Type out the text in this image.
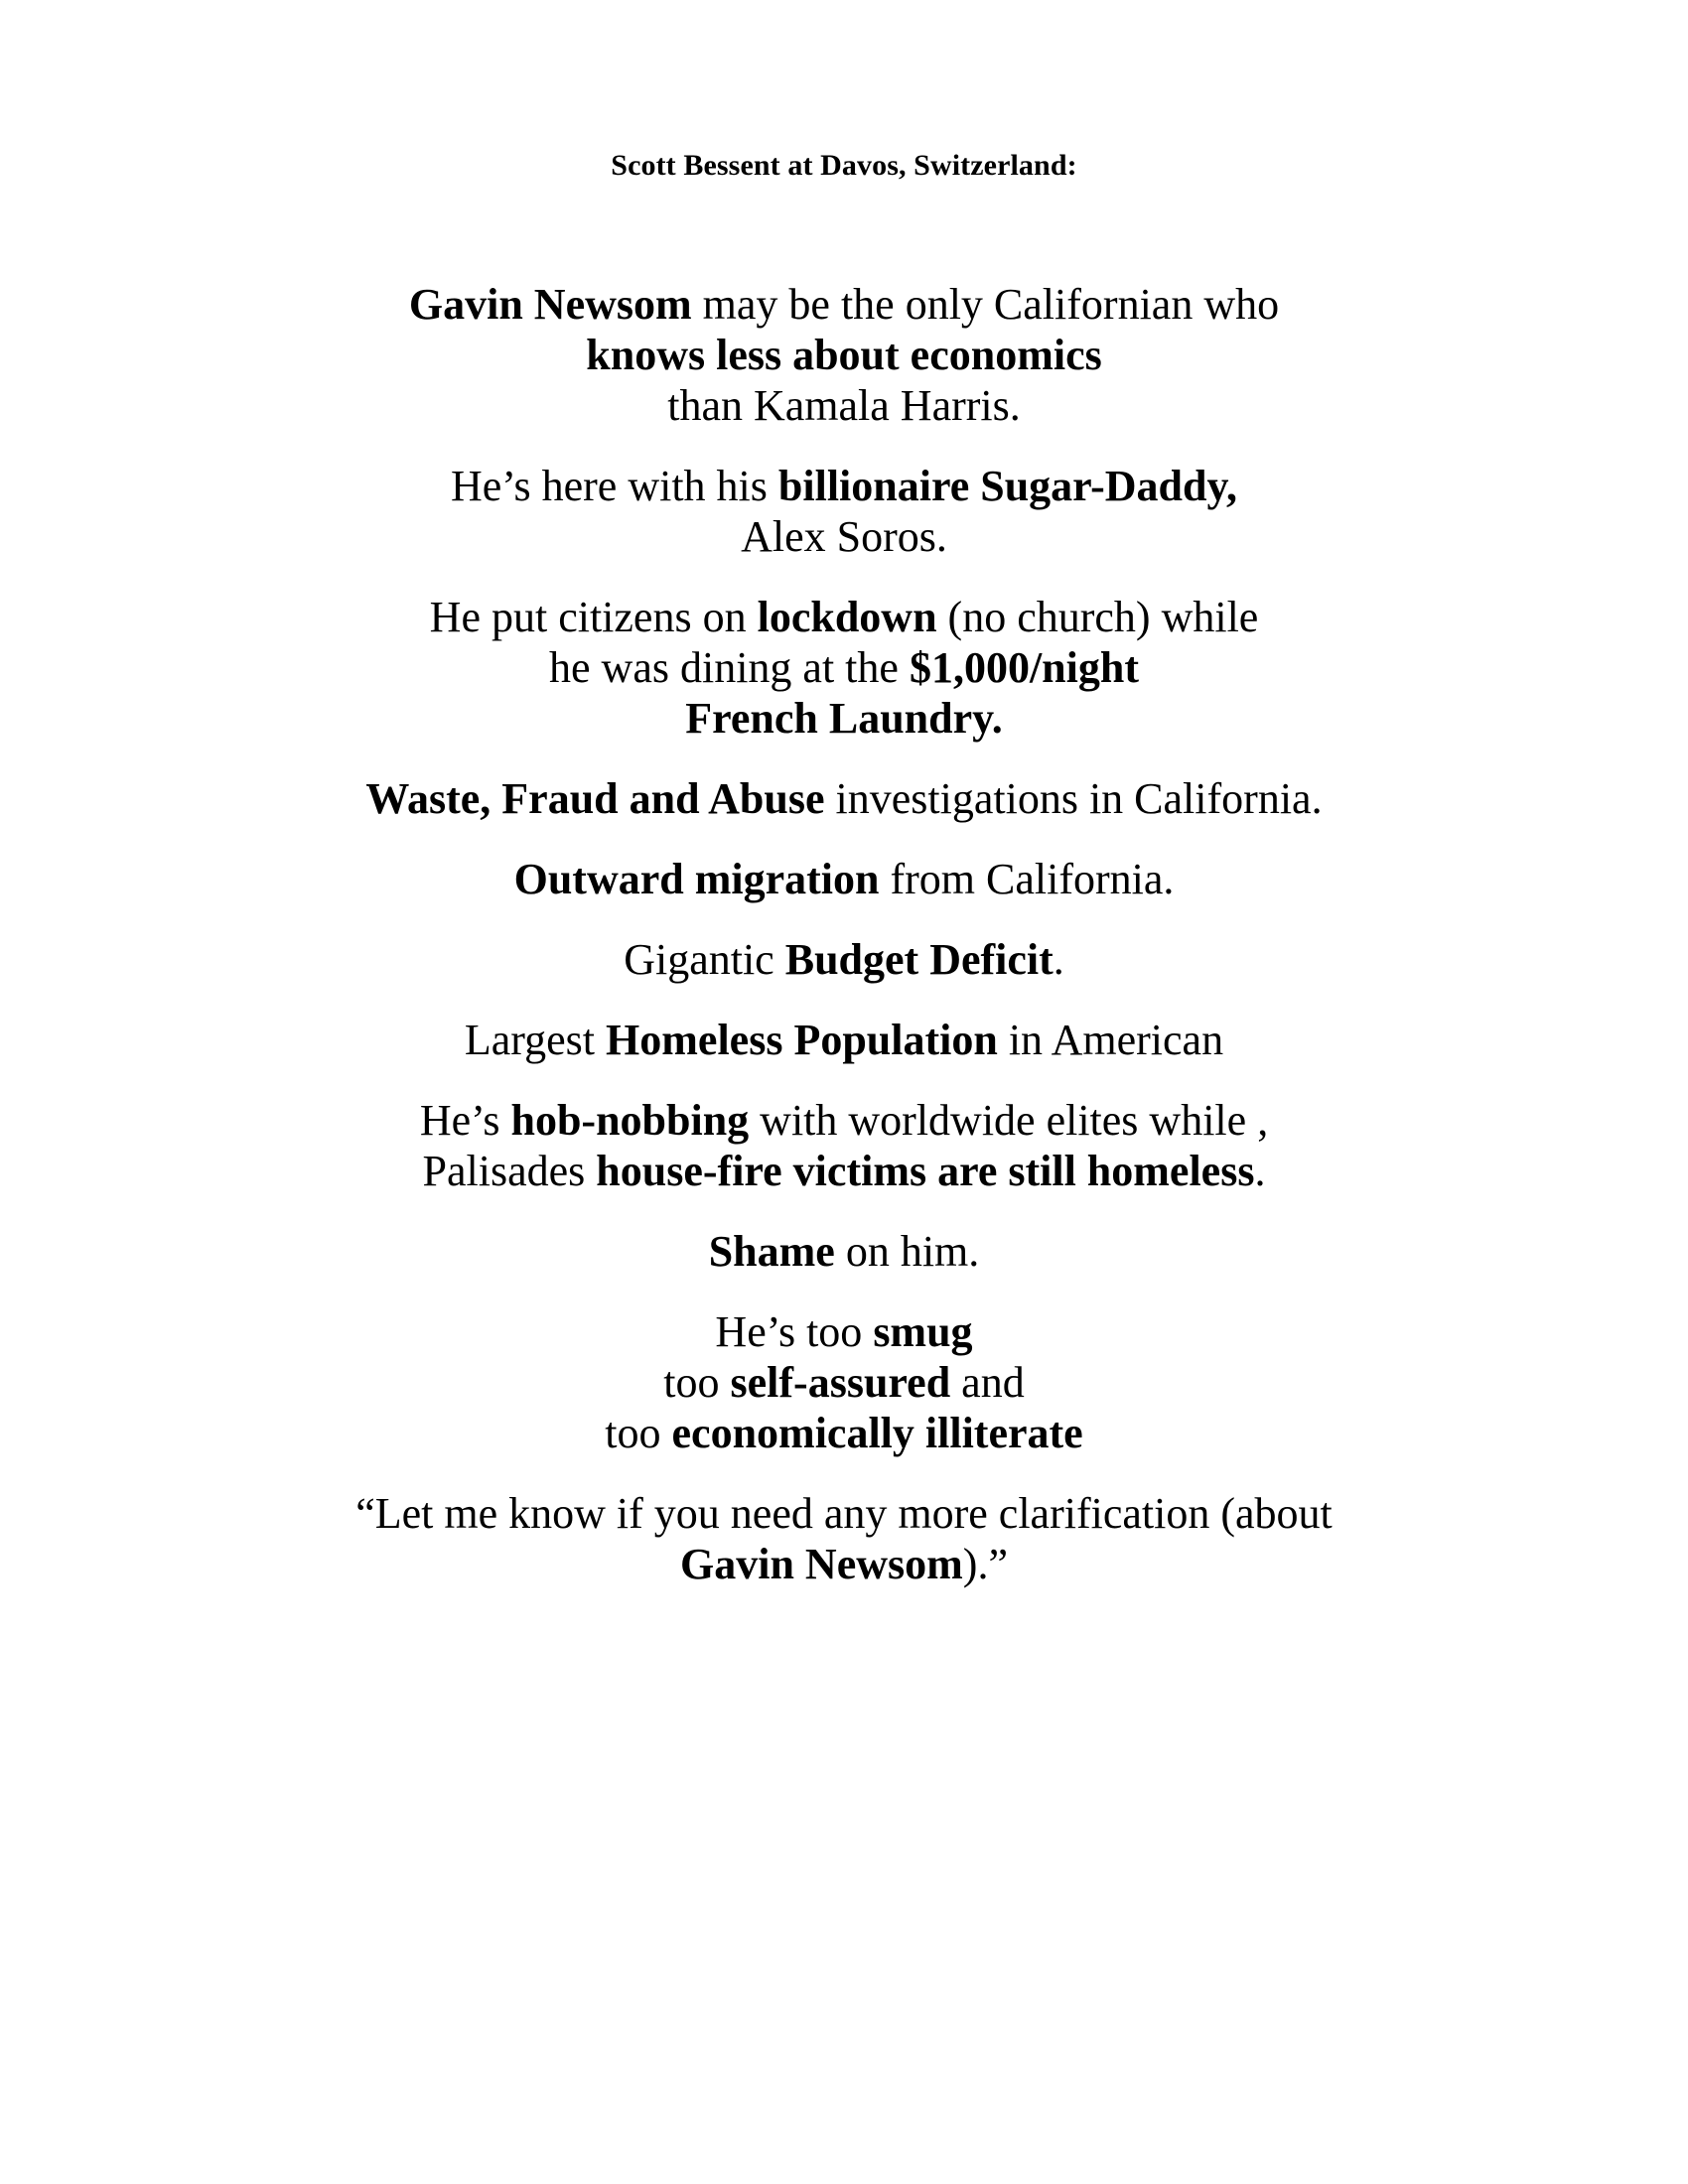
Scott Bessent at Davos, Switzerland:

Gavin Newsom may be the only Californian who
knows less about economics
than Kamala Harris.

He’s here with his billionaire Sugar-Daddy,
Alex Soros.

He put citizens on lockdown (no church) while
he was dining at the $1,000/night
French Laundry.

Waste, Fraud and Abuse investigations in California.

Outward migration from California.

Gigantic Budget Deficit.

Largest Homeless Population in American

He’s hob-nobbing with worldwide elites while ,
Palisades house-fire victims are still homeless.

Shame on him.

He’s too smug
too self-assured and
too economically illiterate

“Let me know if you need any more clarification (about
Gavin Newsom).”
